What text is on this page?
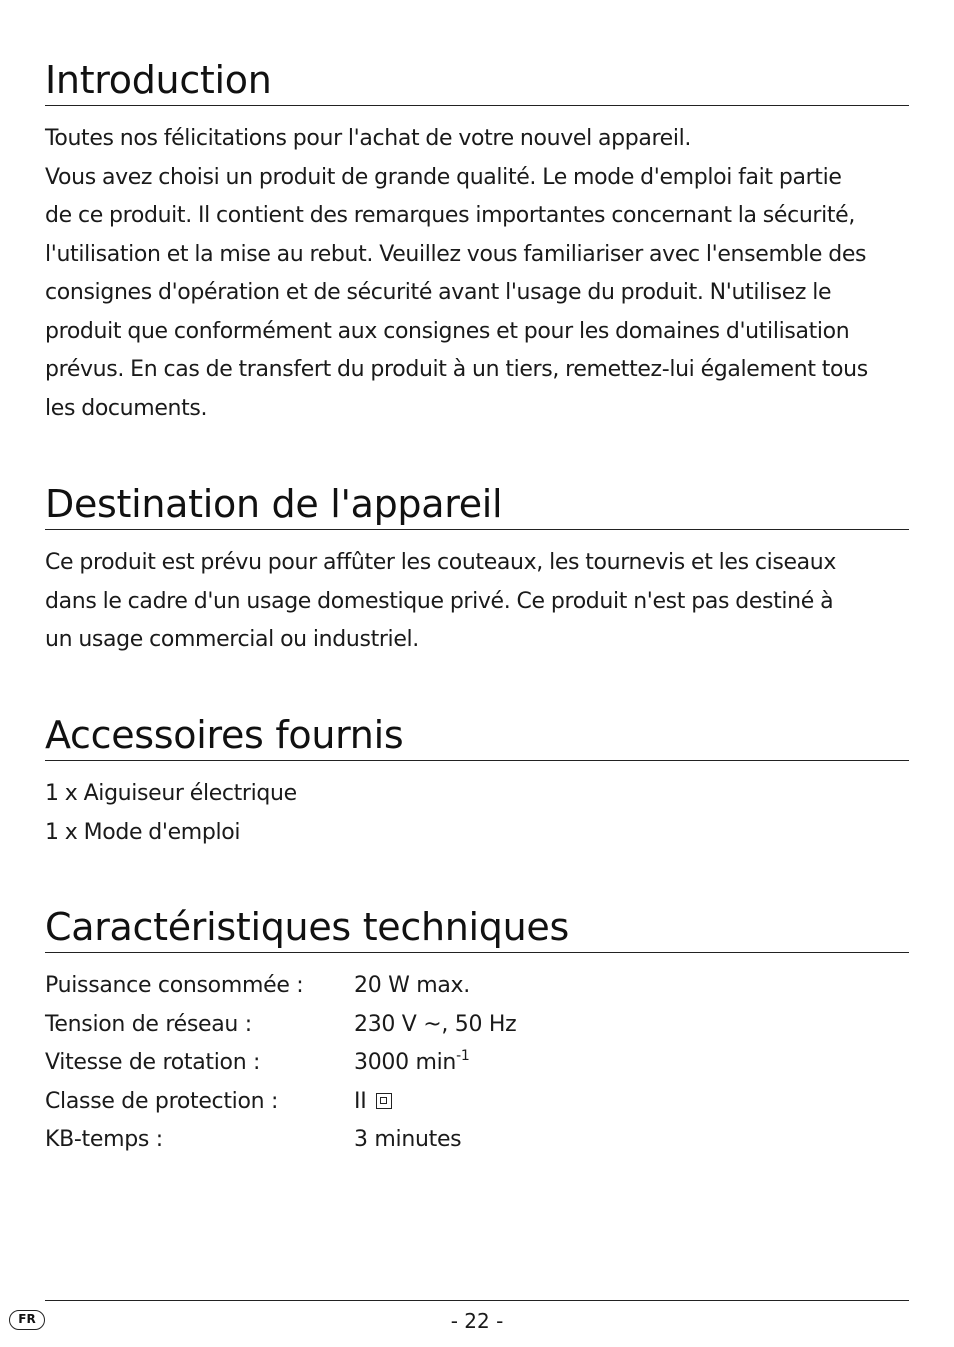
Introduction

Toutes nos félicitations pour l'achat de votre nouvel appareil.
Vous avez choisi un produit de grande qualité. Le mode d'emploi fait partie
de ce produit. Il contient des remarques importantes concernant la sécurité,
l'utilisation et la mise au rebut. Veuillez vous familiariser avec l'ensemble des
consignes d'opération et de sécurité avant l'usage du produit. N'utilisez le
produit que conformément aux consignes et pour les domaines d'utilisation
prévus. En cas de transfert du produit à un tiers, remettez-lui également tous
les documents.

Destination de l'appareil

Ce produit est prévu pour affûter les couteaux, les tournevis et les ciseaux
dans le cadre d'un usage domestique privé. Ce produit n'est pas destiné à
un usage commercial ou industriel.

Accessoires fournis

1 x Aiguiseur électrique
1 x Mode d'emploi

Caractéristiques techniques
Puissance consommée :	20 W max.
Tension de réseau :	230 V ~, 50 Hz
Vitesse de rotation :	3000 $\min^{-1}$
Classe de protection :	II
KB-temps :	3 minutes
FR	- 22 -
